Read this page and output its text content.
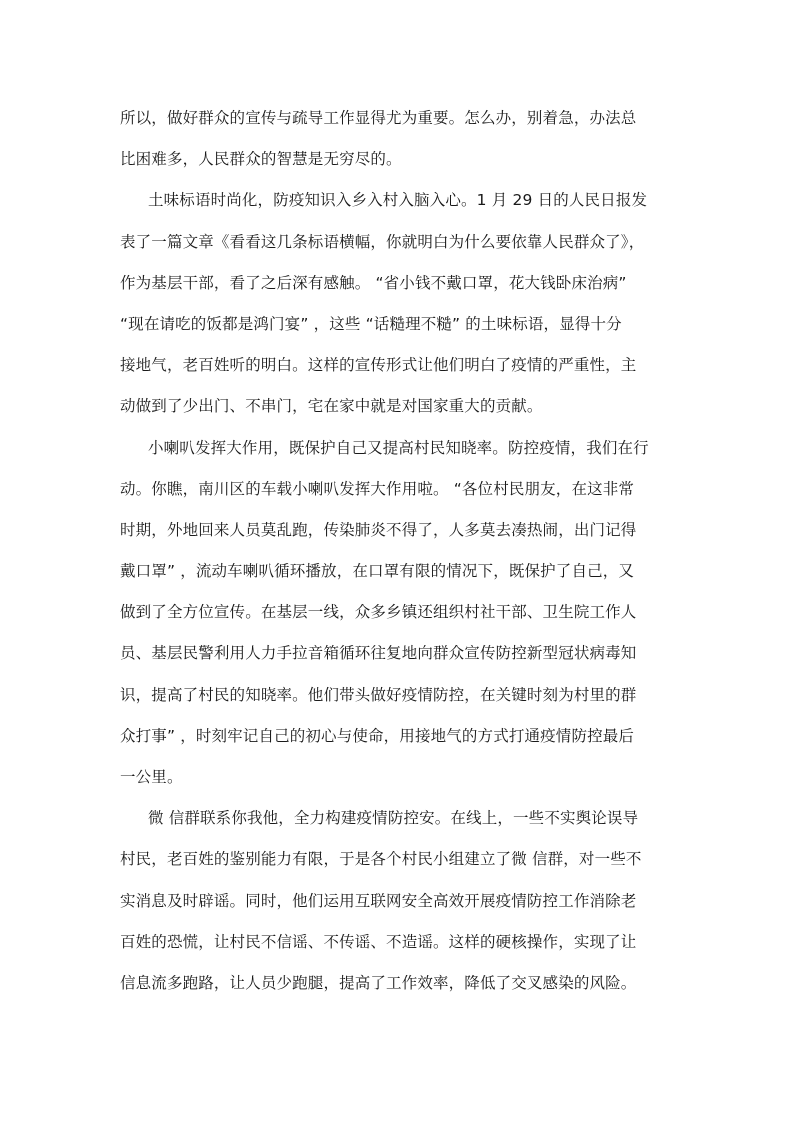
所以，做好群众的宣传与疏导工作显得尤为重要。怎么办，别着急，办法总
比困难多，人民群众的智慧是无穷尽的。
土味标语时尚化，防疫知识入乡入村入脑入心。1 月 29 日的人民日报发
表了一篇文章《看看这几条标语横幅，你就明白为什么要依靠人民群众了》，
作为基层干部，看了之后深有感触。 “省小钱不戴口罩，花大钱卧床治病”
“现在请吃的饭都是鸿门宴” ，这些 “话糙理不糙” 的土味标语，显得十分
接地气，老百姓听的明白。这样的宣传形式让他们明白了疫情的严重性，主
动做到了少出门、不串门，宅在家中就是对国家重大的贡献。
小喇叭发挥大作用，既保护自己又提高村民知晓率。防控疫情，我们在行
动。你瞧，南川区的车载小喇叭发挥大作用啦。 “各位村民朋友，在这非常
时期，外地回来人员莫乱跑，传染肺炎不得了，人多莫去凑热闹，出门记得
戴口罩” ，流动车喇叭循环播放，在口罩有限的情况下，既保护了自己，又
做到了全方位宣传。在基层一线，众多乡镇还组织村社干部、卫生院工作人
员、基层民警利用人力手拉音箱循环往复地向群众宣传防控新型冠状病毒知
识，提高了村民的知晓率。他们带头做好疫情防控，在关键时刻为村里的群
众打事” ，时刻牢记自己的初心与使命，用接地气的方式打通疫情防控最后
一公里。
微 信群联系你我他，全力构建疫情防控安。在线上，一些不实舆论误导
村民，老百姓的鉴别能力有限，于是各个村民小组建立了微 信群，对一些不
实消息及时辟谣。同时，他们运用互联网安全高效开展疫情防控工作消除老
百姓的恐慌，让村民不信谣、不传谣、不造谣。这样的硬核操作，实现了让
信息流多跑路，让人员少跑腿，提高了工作效率，降低了交叉感染的风险。
